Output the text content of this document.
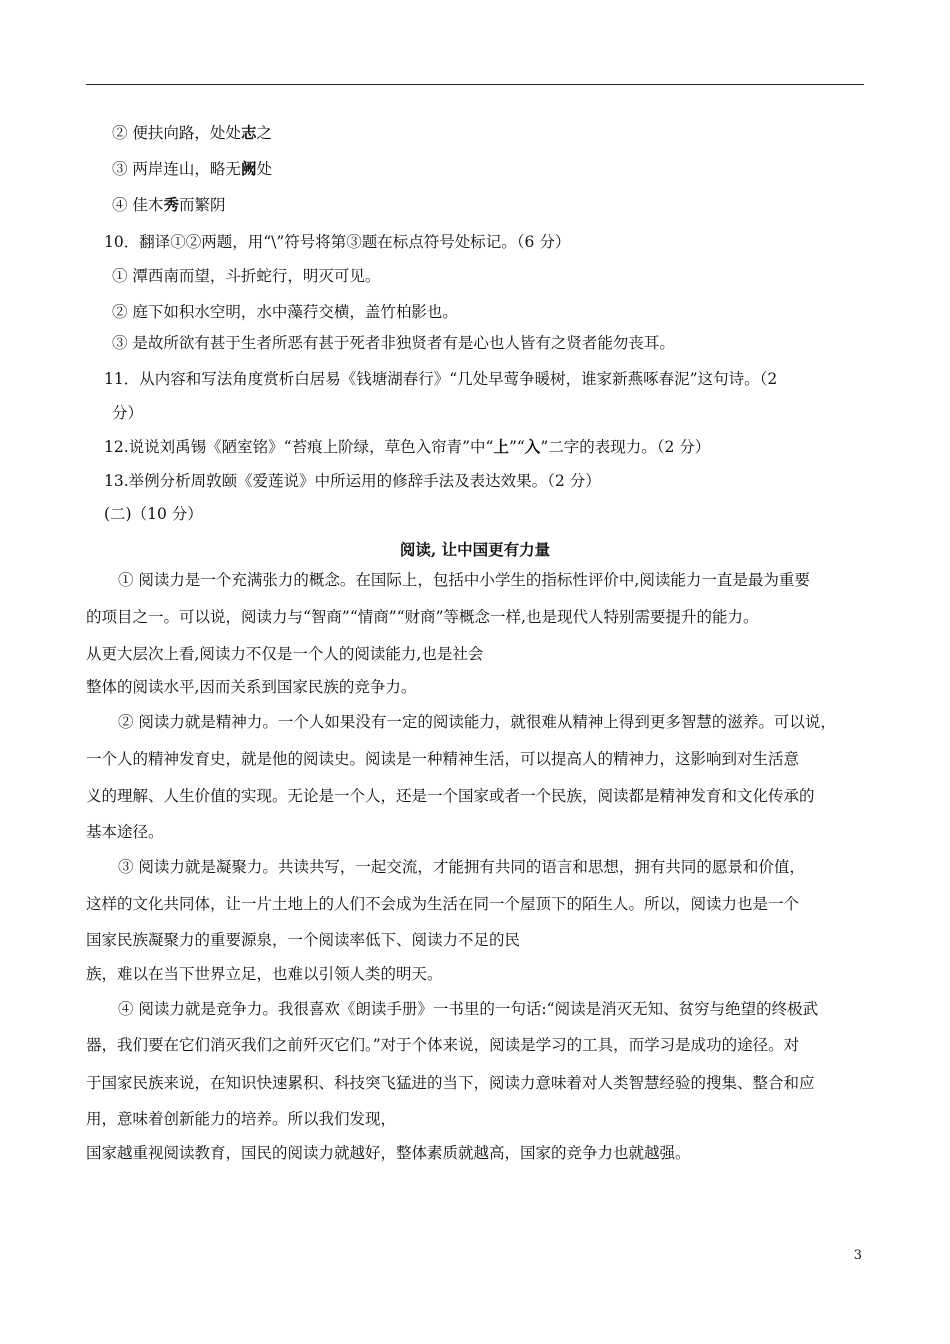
② 便扶向路，处处志之
③ 两岸连山，略无阙处
④ 佳木秀而繁阴
10．翻译①②两题，用“\”符号将第③题在标点符号处标记。（6 分）
① 潭西南而望，斗折蛇行，明灭可见。
② 庭下如积水空明，水中藻荇交横，盖竹柏影也。
③ 是故所欲有甚于生者所恶有甚于死者非独贤者有是心也人皆有之贤者能勿丧耳。
11．从内容和写法角度赏析白居易《钱塘湖春行》“几处早莺争暖树，谁家新燕啄春泥”这句诗。（2
分）
12.说说刘禹锡《陋室铭》“苔痕上阶绿，草色入帘青”中“上”“入”二字的表现力。（2 分）
13.举例分析周敦颐《爱莲说》中所运用的修辞手法及表达效果。（2 分）
(二)（10 分）
阅读, 让中国更有力量
① 阅读力是一个充满张力的概念。在国际上，包括中小学生的指标性评价中,阅读能力一直是最为重要
的项目之一。可以说，阅读力与“智商”“情商”“财商”等概念一样,也是现代人特别需要提升的能力。
从更大层次上看,阅读力不仅是一个人的阅读能力,也是社会
整体的阅读水平,因而关系到国家民族的竞争力。
② 阅读力就是精神力。一个人如果没有一定的阅读能力，就很难从精神上得到更多智慧的滋养。可以说，
一个人的精神发育史，就是他的阅读史。阅读是一种精神生活，可以提高人的精神力，这影响到对生活意
义的理解、人生价值的实现。无论是一个人，还是一个国家或者一个民族，阅读都是精神发育和文化传承的
基本途径。
③ 阅读力就是凝聚力。共读共写，一起交流，才能拥有共同的语言和思想，拥有共同的愿景和价值，
这样的文化共同体，让一片土地上的人们不会成为生活在同一个屋顶下的陌生人。所以，阅读力也是一个
国家民族凝聚力的重要源泉，一个阅读率低下、阅读力不足的民
族，难以在当下世界立足，也难以引领人类的明天。
④ 阅读力就是竞争力。我很喜欢《朗读手册》一书里的一句话:“阅读是消灭无知、贫穷与绝望的终极武
器，我们要在它们消灭我们之前歼灭它们。”对于个体来说，阅读是学习的工具，而学习是成功的途径。对
于国家民族来说，在知识快速累积、科技突飞猛进的当下，阅读力意味着对人类智慧经验的搜集、整合和应
用，意味着创新能力的培养。所以我们发现，
国家越重视阅读教育，国民的阅读力就越好，整体素质就越高，国家的竞争力也就越强。
3
